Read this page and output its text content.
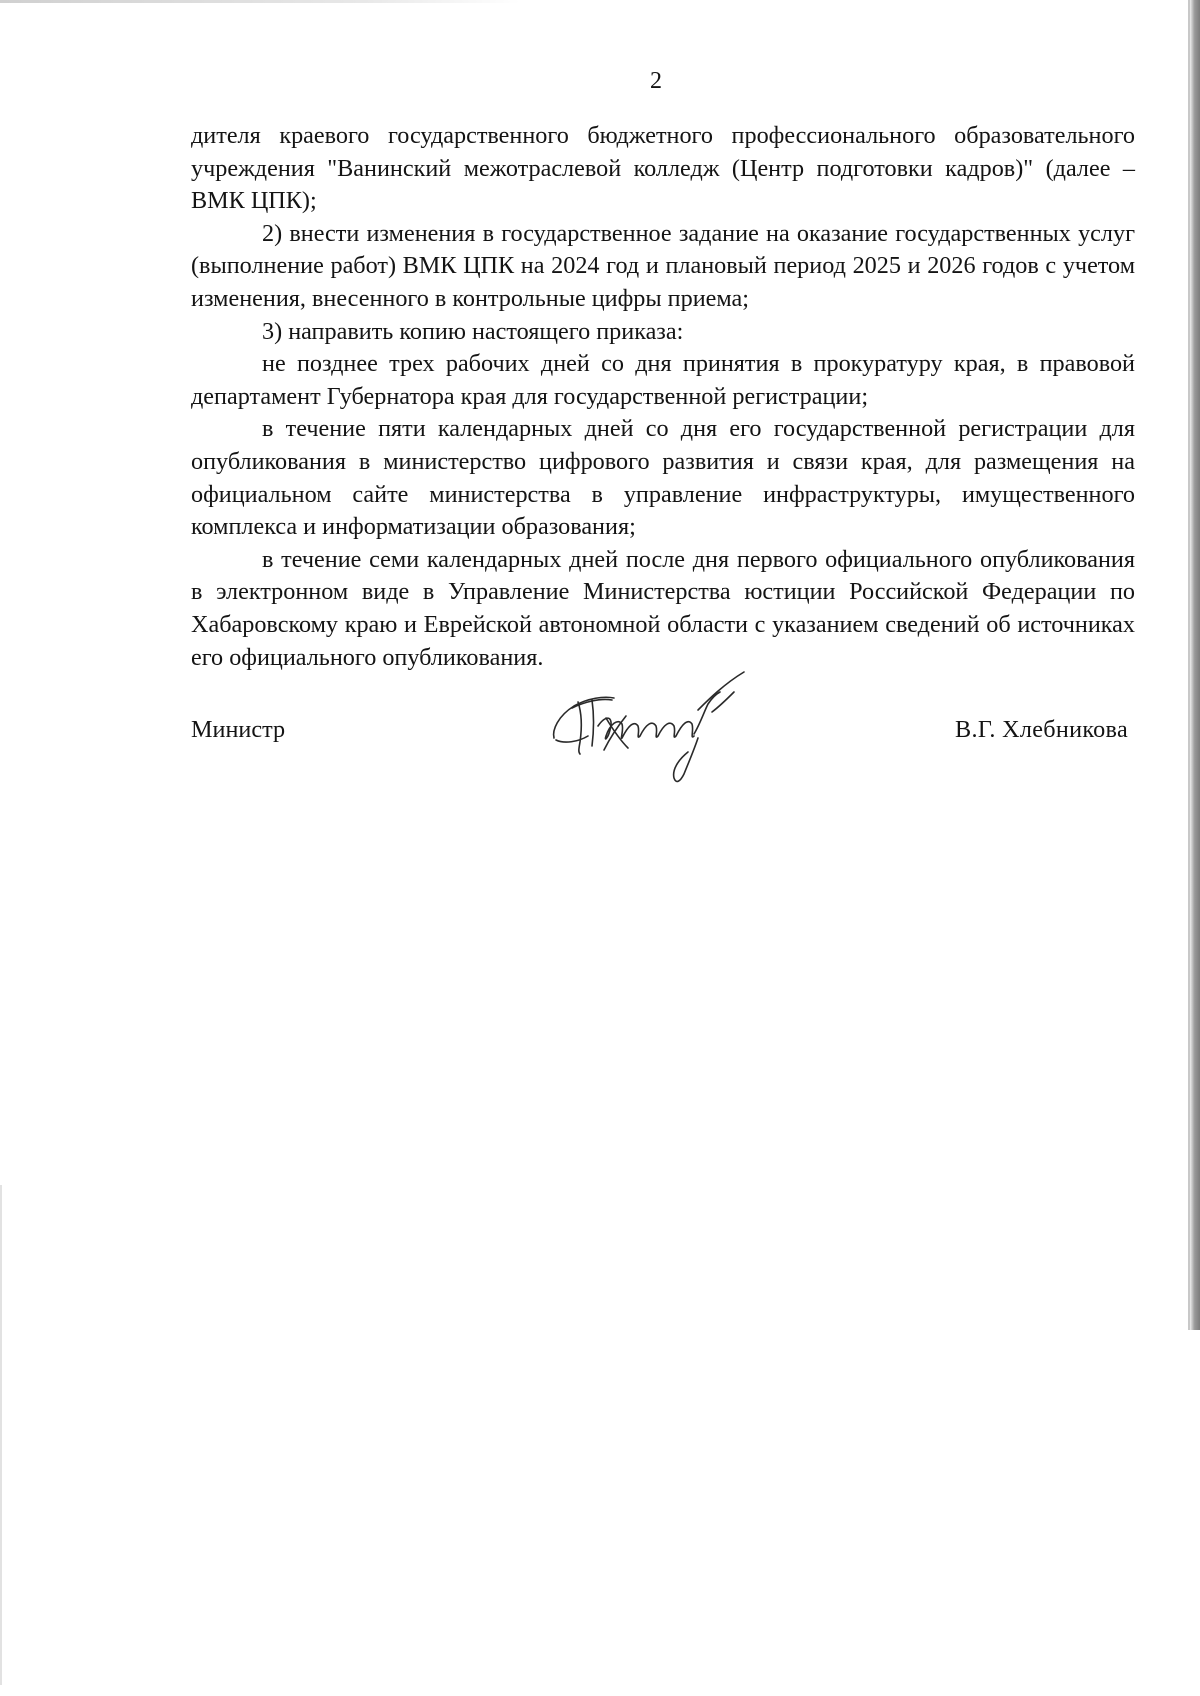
2

дителя краевого государственного бюджетного профессионального образовательного учреждения "Ванинский межотраслевой колледж (Центр подготовки кадров)" (далее – ВМК ЦПК);

2) внести изменения в государственное задание на оказание государственных услуг (выполнение работ) ВМК ЦПК на 2024 год и плановый период 2025 и 2026 годов с учетом изменения, внесенного в контрольные цифры приема;

3) направить копию настоящего приказа:

не позднее трех рабочих дней со дня принятия в прокуратуру края, в правовой департамент Губернатора края для государственной регистрации;

в течение пяти календарных дней со дня его государственной регистрации для опубликования в министерство цифрового развития и связи края, для размещения на официальном сайте министерства в управление инфраструктуры, имущественного комплекса и информатизации образования;

в течение семи календарных дней после дня первого официального опубликования в электронном виде в Управление Министерства юстиции Российской Федерации по Хабаровскому краю и Еврейской автономной области с указанием сведений об источниках его официального опубликования.

Министр	В.Г. Хлебникова
